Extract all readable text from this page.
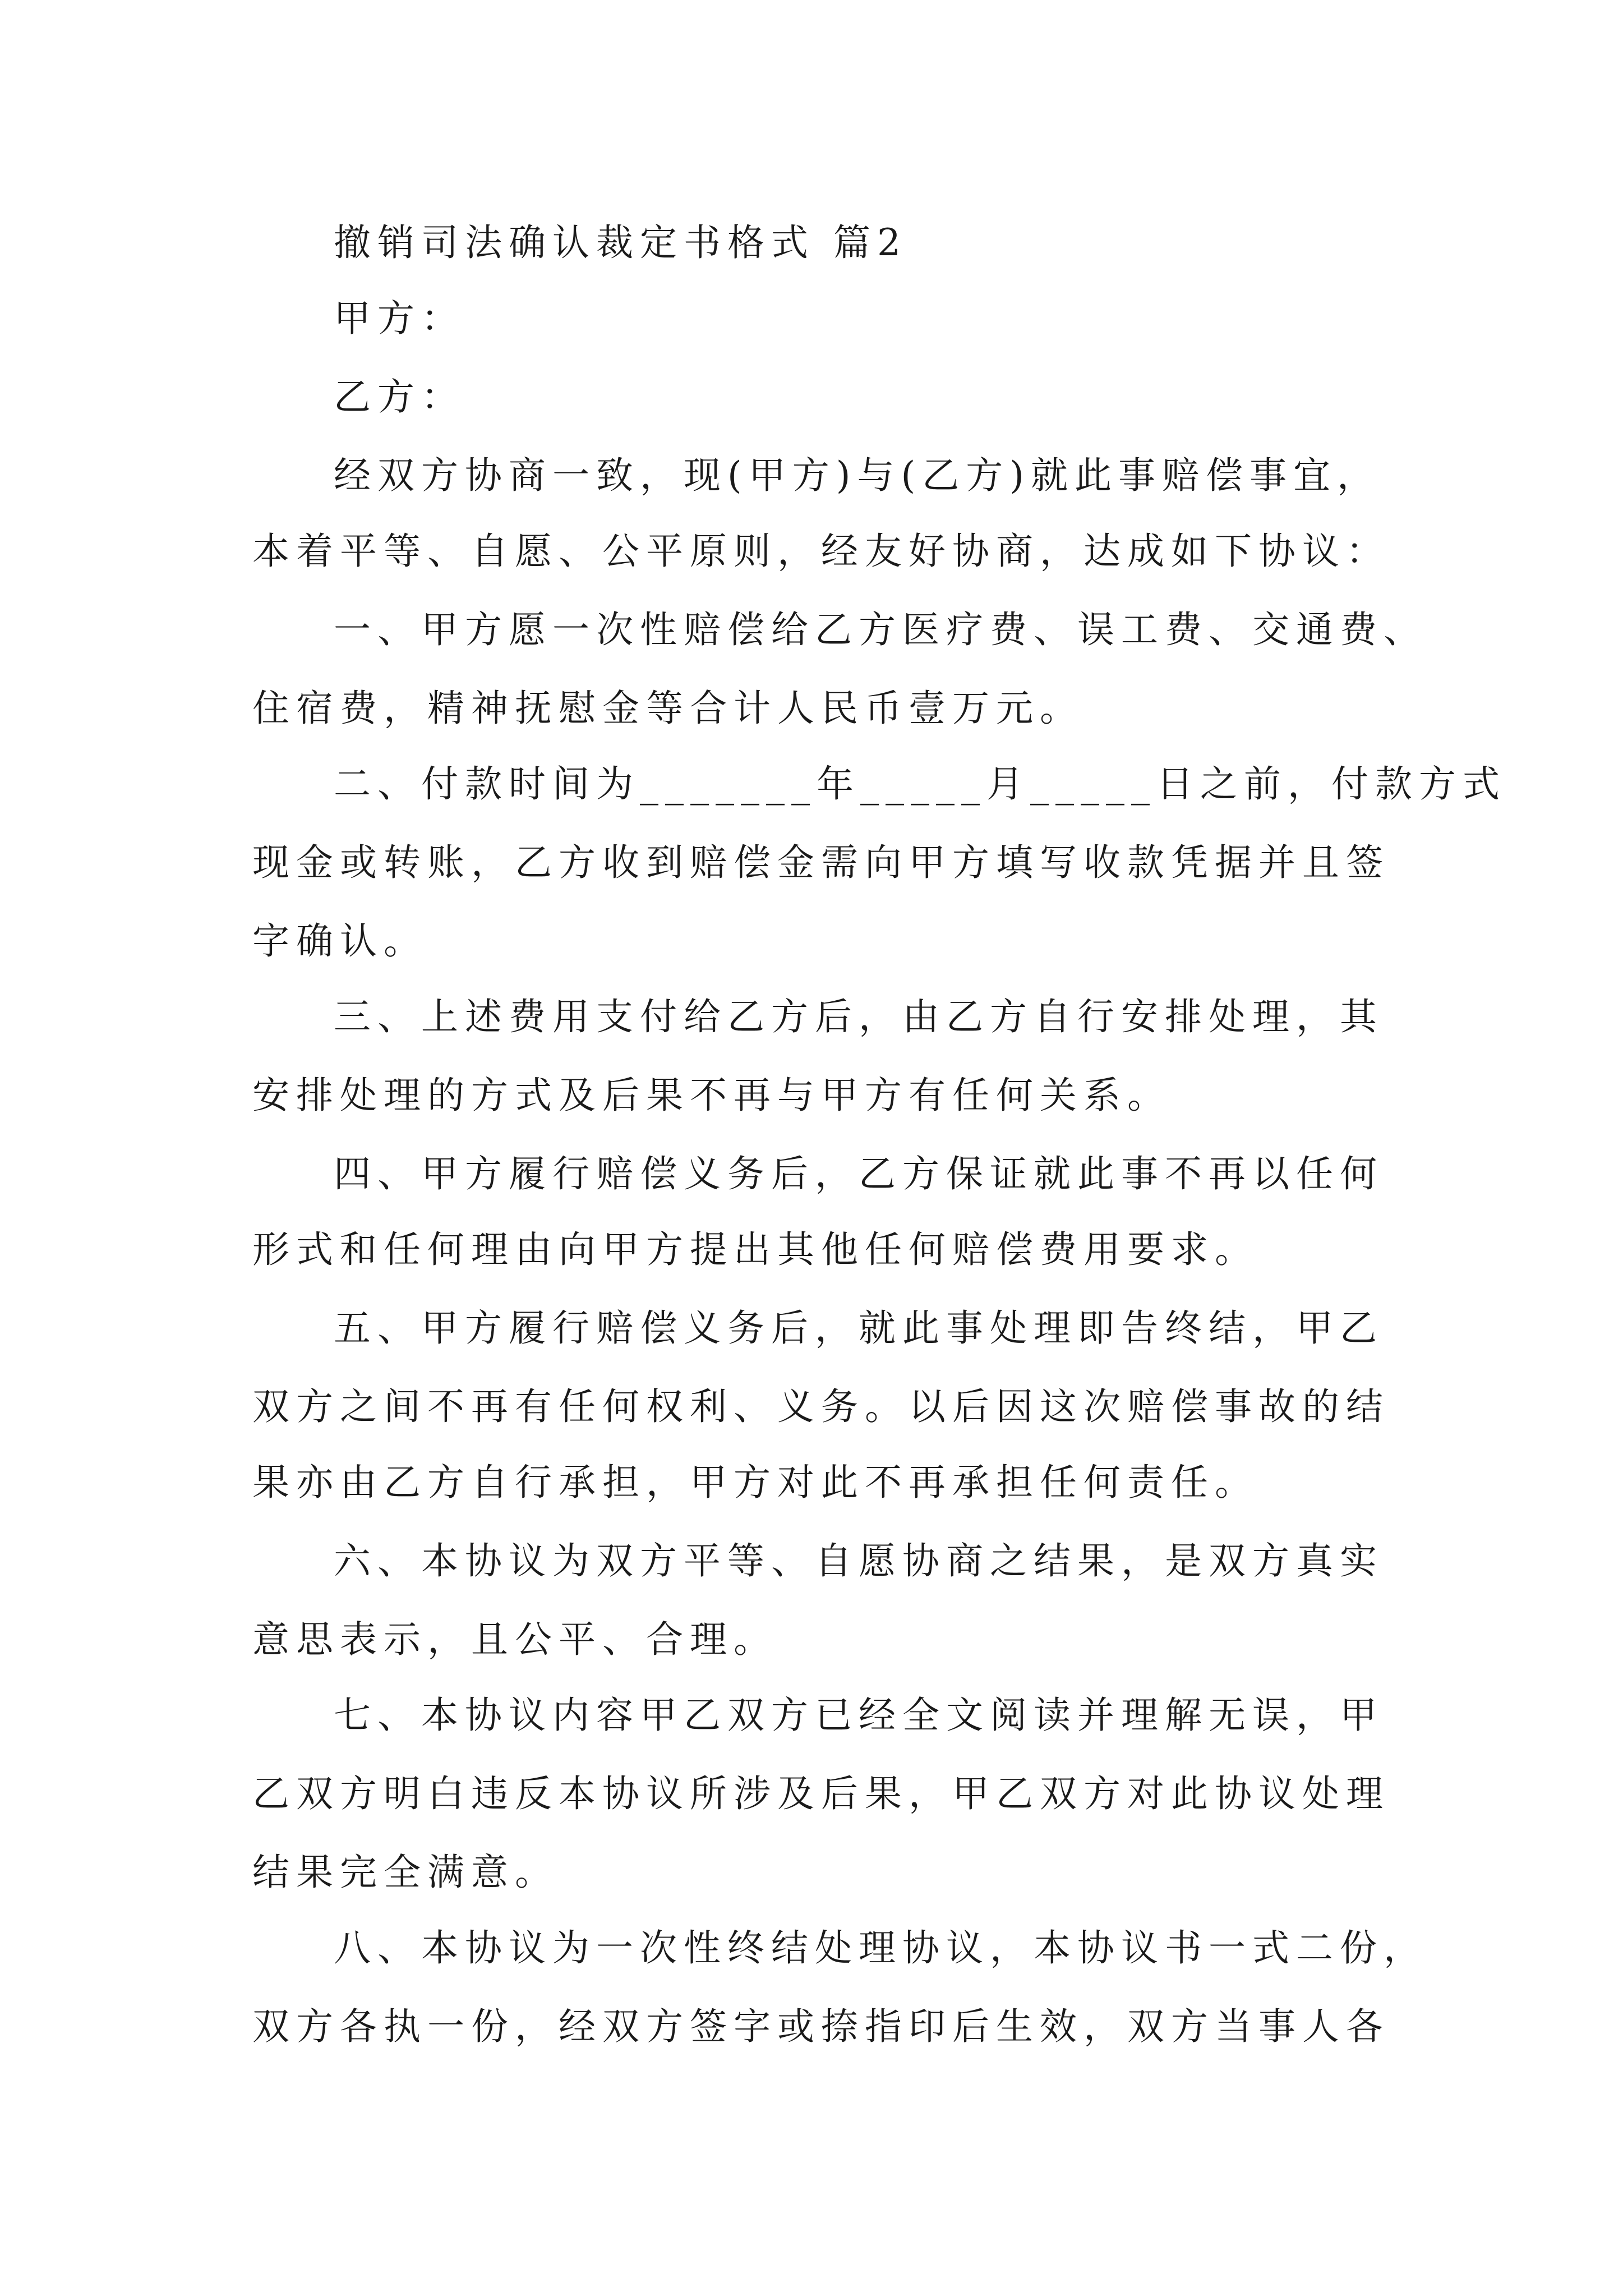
撤销司法确认裁定书格式 篇2
甲方：
乙方：
经双方协商一致，现(甲方)与(乙方)就此事赔偿事宜，
本着平等、自愿、公平原则，经友好协商，达成如下协议：
一、甲方愿一次性赔偿给乙方医疗费、误工费、交通费、
住宿费，精神抚慰金等合计人民币壹万元。
二、付款时间为_______年_____月_____日之前，付款方式
现金或转账，乙方收到赔偿金需向甲方填写收款凭据并且签
字确认。
三、上述费用支付给乙方后，由乙方自行安排处理，其
安排处理的方式及后果不再与甲方有任何关系。
四、甲方履行赔偿义务后，乙方保证就此事不再以任何
形式和任何理由向甲方提出其他任何赔偿费用要求。
五、甲方履行赔偿义务后，就此事处理即告终结，甲乙
双方之间不再有任何权利、义务。以后因这次赔偿事故的结
果亦由乙方自行承担，甲方对此不再承担任何责任。
六、本协议为双方平等、自愿协商之结果，是双方真实
意思表示，且公平、合理。
七、本协议内容甲乙双方已经全文阅读并理解无误，甲
乙双方明白违反本协议所涉及后果，甲乙双方对此协议处理
结果完全满意。
八、本协议为一次性终结处理协议，本协议书一式二份，
双方各执一份，经双方签字或捺指印后生效，双方当事人各
